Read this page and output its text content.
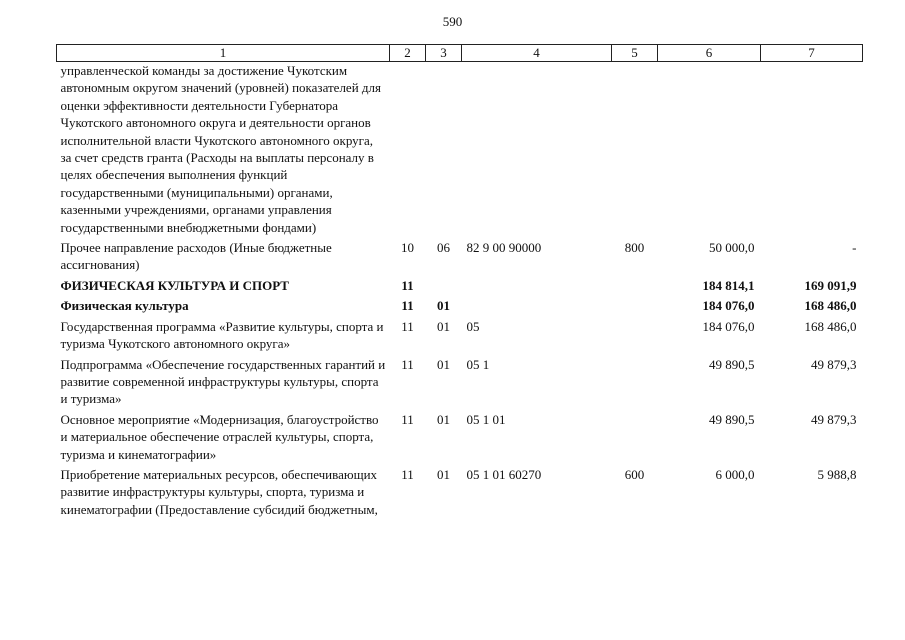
590
1	2	3	4	5	6	7
управленческой команды за достижение Чукотским автономным округом значений (уровней) показателей для оценки эффективности деятельности Губернатора Чукотского автономного округа и деятельности органов исполнительной власти Чукотского автономного округа, за счет средств гранта (Расходы на выплаты персоналу в целях обеспечения выполнения функций государственными (муниципальными) органами, казенными учреждениями, органами управления государственными внебюджетными фондами)						
Прочее направление расходов (Иные бюджетные ассигнования)	10	06	82 9 00 90000	800	50 000,0	-
ФИЗИЧЕСКАЯ КУЛЬТУРА И СПОРТ	11				184 814,1	169 091,9
Физическая культура	11	01			184 076,0	168 486,0
Государственная программа «Развитие культуры, спорта и туризма Чукотского автономного округа»	11	01	05		184 076,0	168 486,0
Подпрограмма «Обеспечение государственных гарантий и развитие современной инфраструктуры культуры, спорта и туризма»	11	01	05 1		49 890,5	49 879,3
Основное мероприятие «Модернизация, благоустройство и материальное обеспечение отраслей культуры, спорта, туризма и кинематографии»	11	01	05 1 01		49 890,5	49 879,3
Приобретение материальных ресурсов, обеспечивающих развитие инфраструктуры культуры, спорта, туризма и кинематографии (Предоставление субсидий бюджетным,	11	01	05 1 01 60270	600	6 000,0	5 988,8
